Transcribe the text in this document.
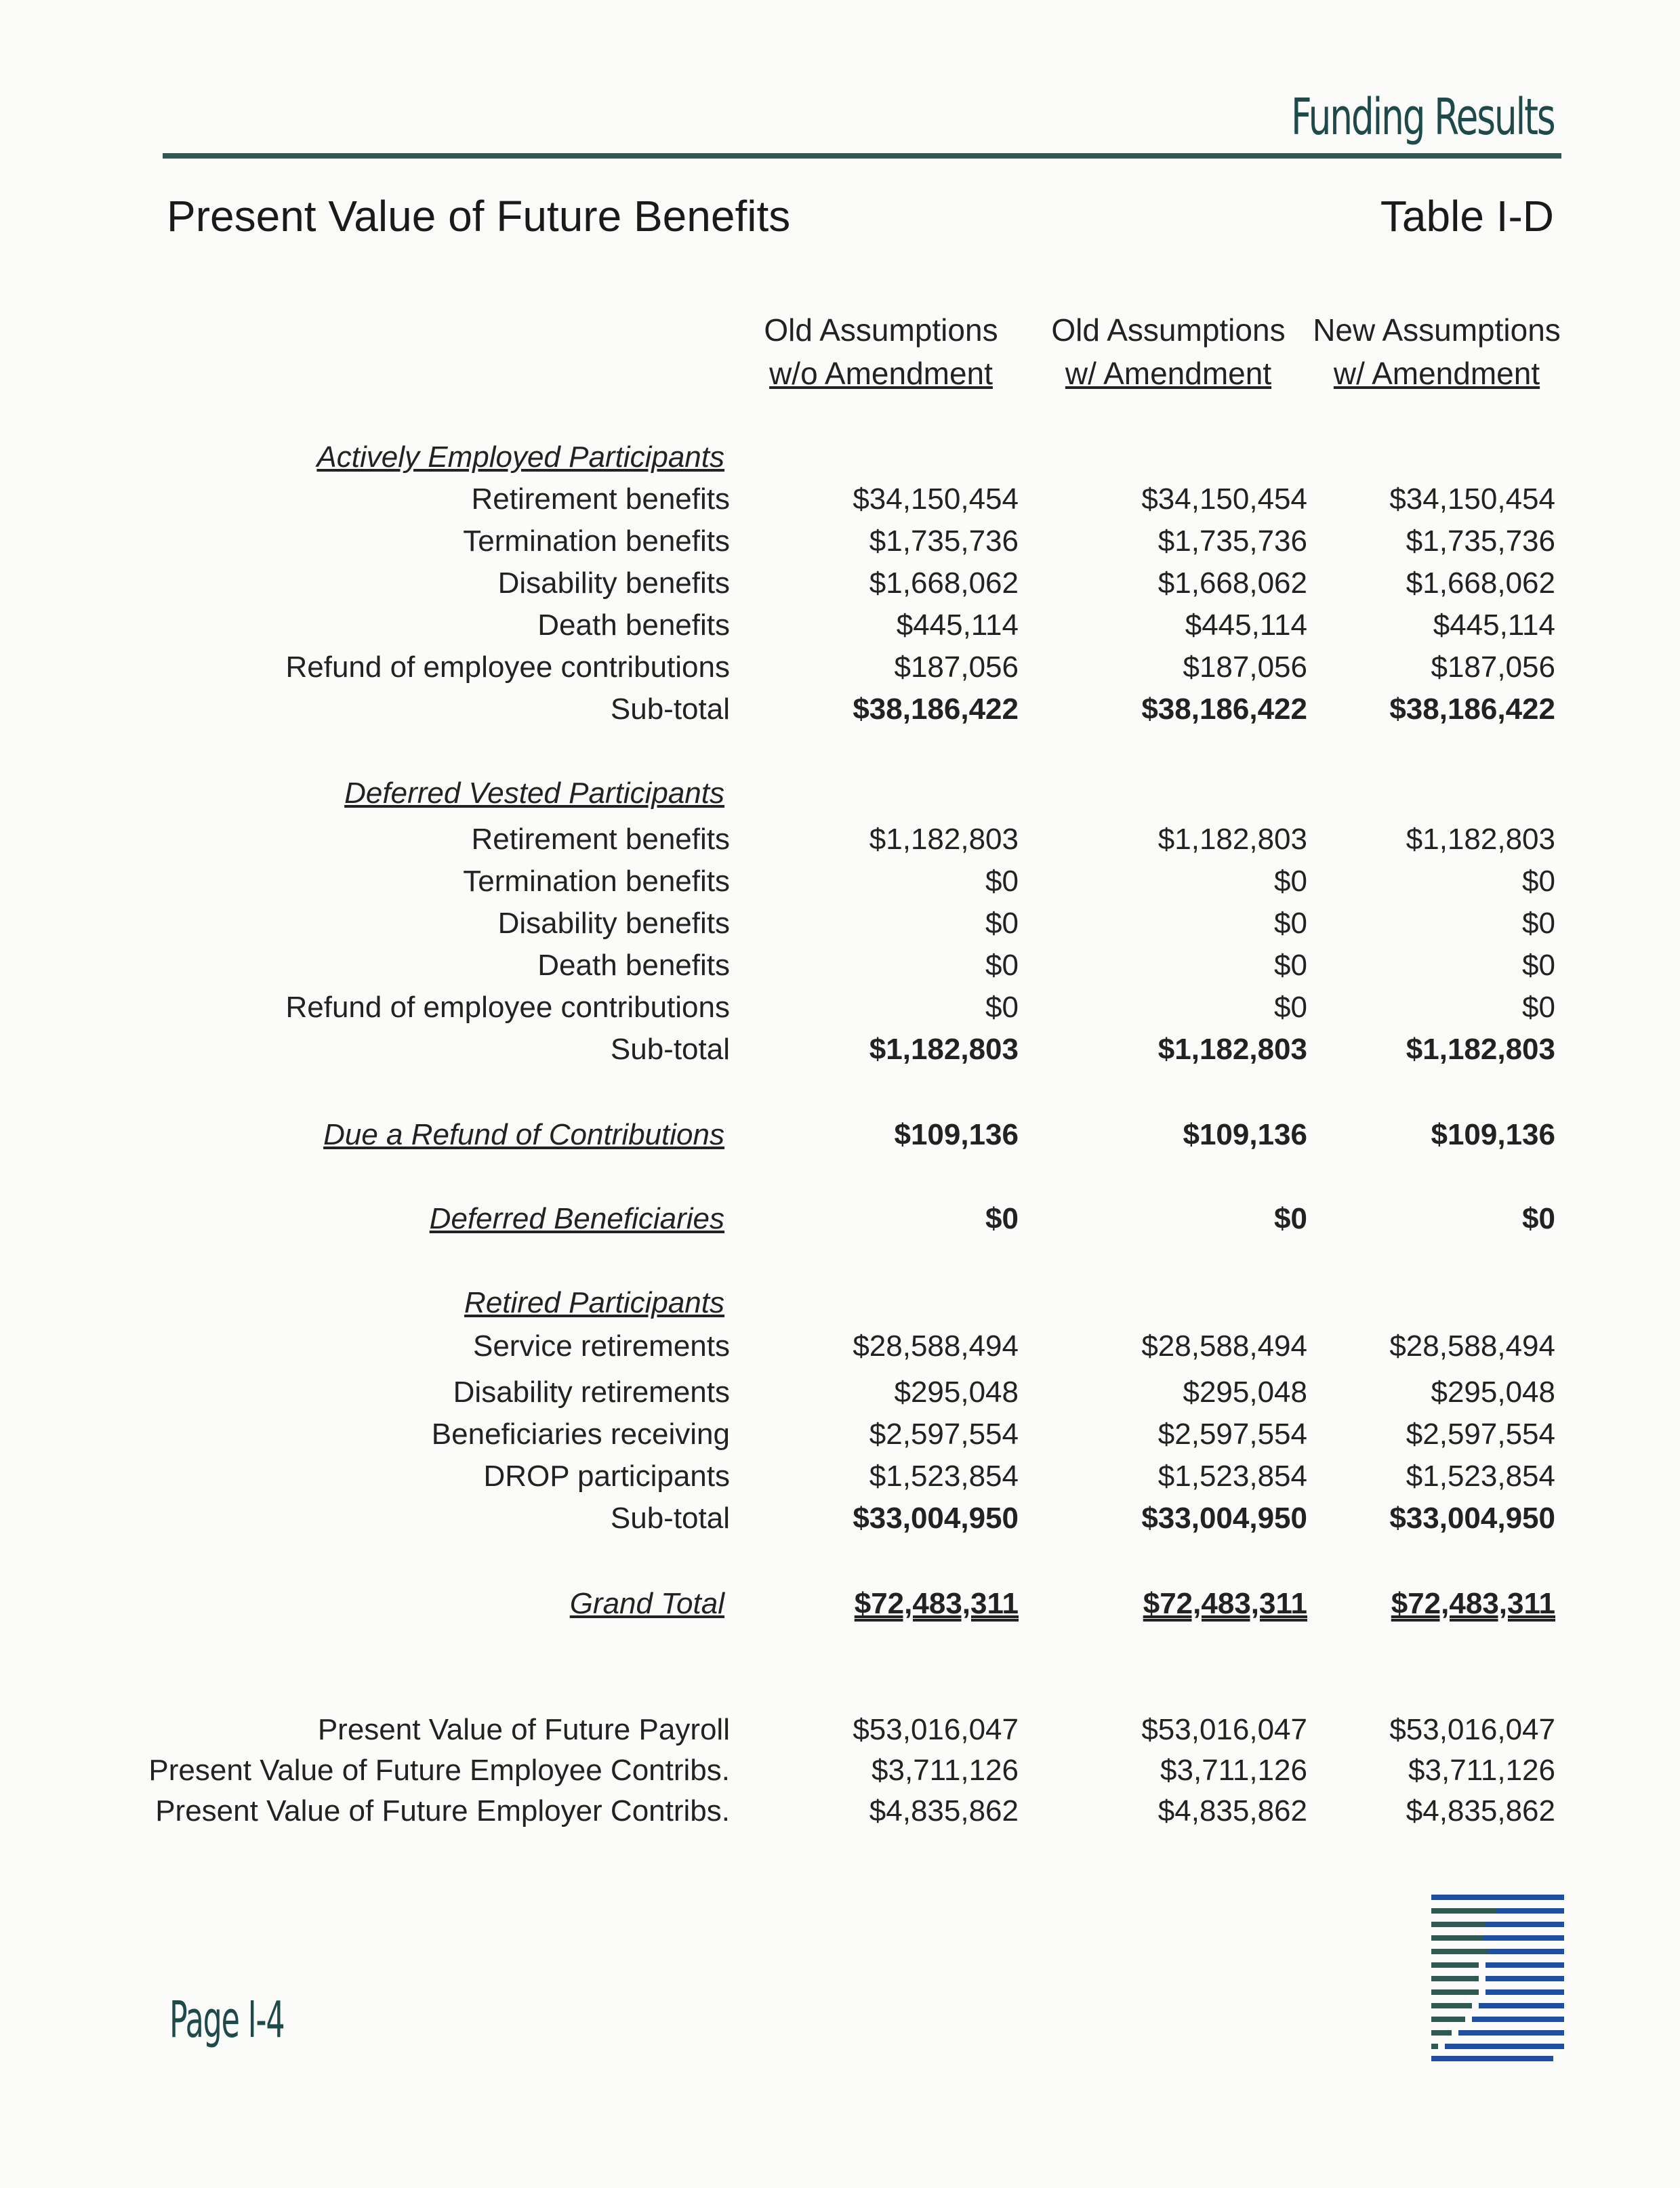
Funding Results
Present Value of Future Benefits	Table I-D
Old Assumptions
w/o Amendment
Old Assumptions
w/ Amendment
New Assumptions
w/ Amendment
Actively Employed Participants
Retirement benefits	$34,150,454	$34,150,454	$34,150,454
Termination benefits	$1,735,736	$1,735,736	$1,735,736
Disability benefits	$1,668,062	$1,668,062	$1,668,062
Death benefits	$445,114	$445,114	$445,114
Refund of employee contributions	$187,056	$187,056	$187,056
Sub-total	$38,186,422	$38,186,422	$38,186,422
Deferred Vested Participants
Retirement benefits	$1,182,803	$1,182,803	$1,182,803
Termination benefits	$0	$0	$0
Disability benefits	$0	$0	$0
Death benefits	$0	$0	$0
Refund of employee contributions	$0	$0	$0
Sub-total	$1,182,803	$1,182,803	$1,182,803
Due a Refund of Contributions	$109,136	$109,136	$109,136
Deferred Beneficiaries	$0	$0	$0
Retired Participants
Service retirements	$28,588,494	$28,588,494	$28,588,494
Disability retirements	$295,048	$295,048	$295,048
Beneficiaries receiving	$2,597,554	$2,597,554	$2,597,554
DROP participants	$1,523,854	$1,523,854	$1,523,854
Sub-total	$33,004,950	$33,004,950	$33,004,950
Grand Total	$72,483,311	$72,483,311	$72,483,311
Present Value of Future Payroll	$53,016,047	$53,016,047	$53,016,047
Present Value of Future Employee Contribs.	$3,711,126	$3,711,126	$3,711,126
Present Value of Future Employer Contribs.	$4,835,862	$4,835,862	$4,835,862
Page I-4
